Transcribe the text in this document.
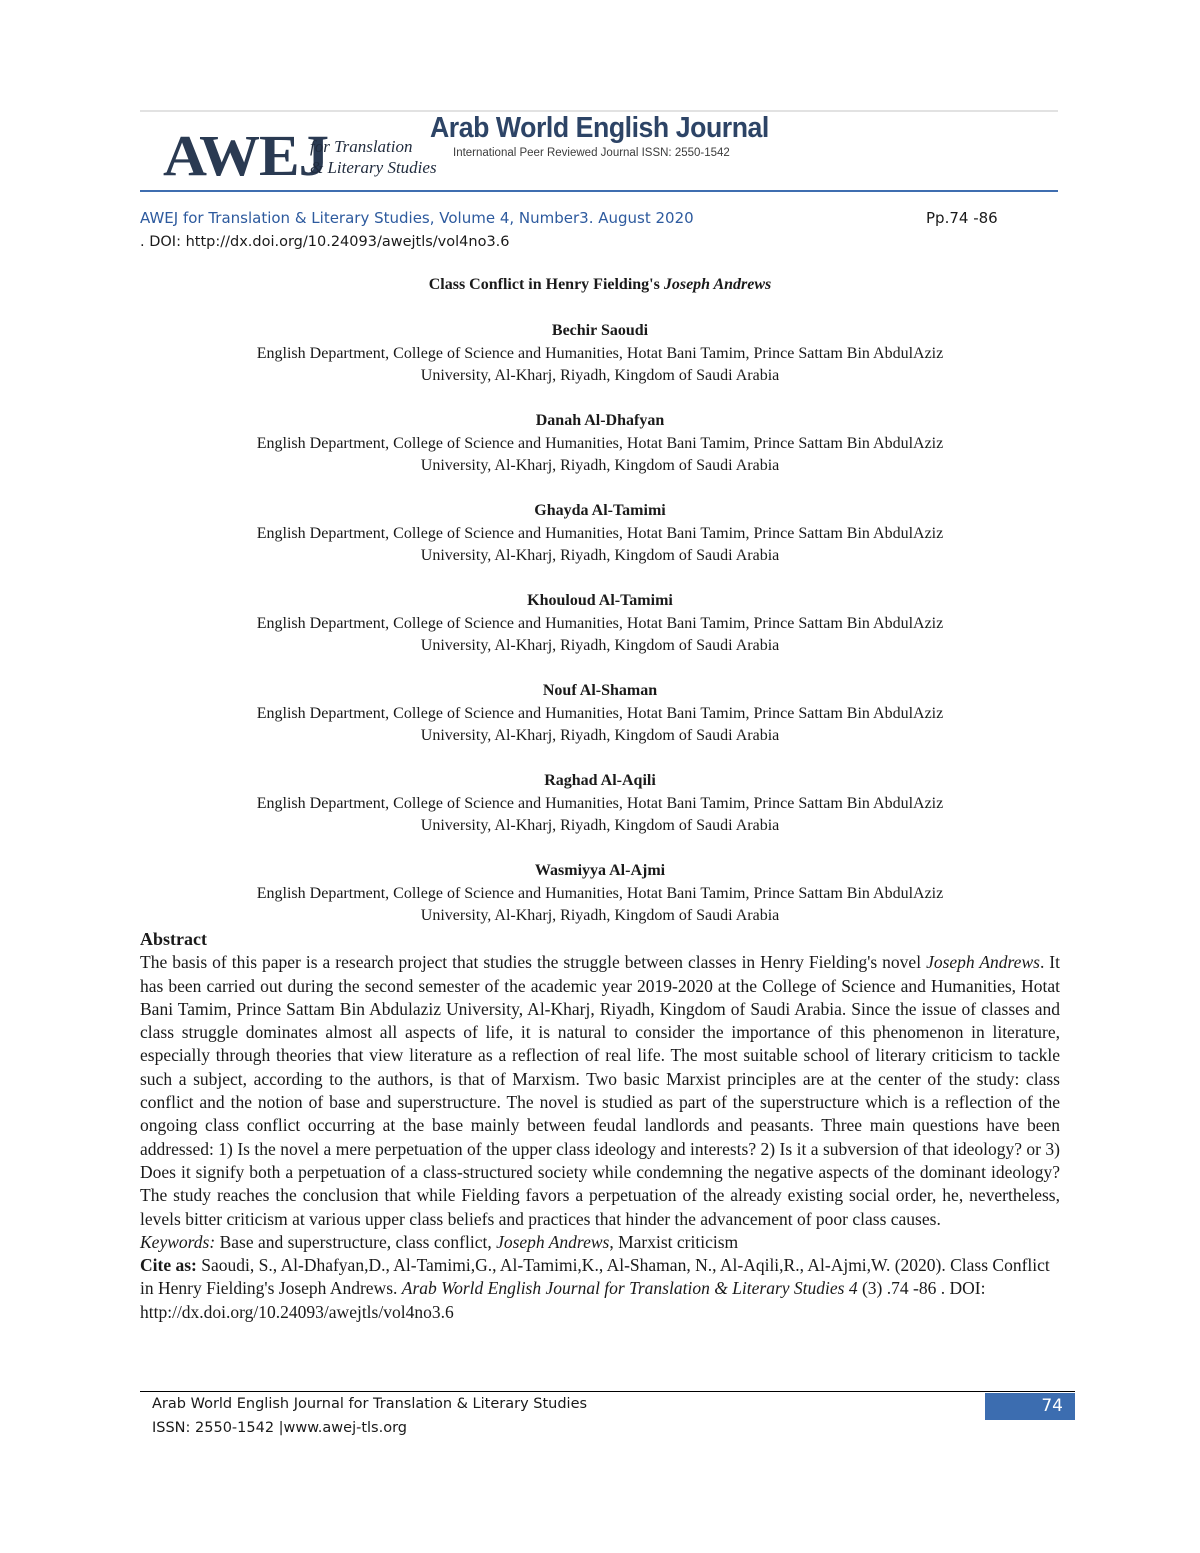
AWEJ
for Translation
& Literary Studies
Arab World English Journal
International Peer Reviewed Journal ISSN: 2550-1542
AWEJ for Translation & Literary Studies, Volume 4, Number3. August 2020	Pp.74 -86
. DOI: http://dx.doi.org/10.24093/awejtls/vol4no3.6
Class Conflict in Henry Fielding's Joseph Andrews
Bechir Saoudi
English Department, College of Science and Humanities, Hotat Bani Tamim, Prince Sattam Bin AbdulAziz
University, Al-Kharj, Riyadh, Kingdom of Saudi Arabia
Danah Al-Dhafyan
English Department, College of Science and Humanities, Hotat Bani Tamim, Prince Sattam Bin AbdulAziz
University, Al-Kharj, Riyadh, Kingdom of Saudi Arabia
Ghayda Al-Tamimi
English Department, College of Science and Humanities, Hotat Bani Tamim, Prince Sattam Bin AbdulAziz
University, Al-Kharj, Riyadh, Kingdom of Saudi Arabia
Khouloud Al-Tamimi
English Department, College of Science and Humanities, Hotat Bani Tamim, Prince Sattam Bin AbdulAziz
University, Al-Kharj, Riyadh, Kingdom of Saudi Arabia
Nouf Al-Shaman
English Department, College of Science and Humanities, Hotat Bani Tamim, Prince Sattam Bin AbdulAziz
University, Al-Kharj, Riyadh, Kingdom of Saudi Arabia
Raghad Al-Aqili
English Department, College of Science and Humanities, Hotat Bani Tamim, Prince Sattam Bin AbdulAziz
University, Al-Kharj, Riyadh, Kingdom of Saudi Arabia
Wasmiyya Al-Ajmi
English Department, College of Science and Humanities, Hotat Bani Tamim, Prince Sattam Bin AbdulAziz
University, Al-Kharj, Riyadh, Kingdom of Saudi Arabia
Abstract
The basis of this paper is a research project that studies the struggle between classes in Henry Fielding's novel Joseph Andrews. It has been carried out during the second semester of the academic year 2019-2020 at the College of Science and Humanities, Hotat Bani Tamim, Prince Sattam Bin Abdulaziz University, Al-Kharj, Riyadh, Kingdom of Saudi Arabia. Since the issue of classes and class struggle dominates almost all aspects of life, it is natural to consider the importance of this phenomenon in literature, especially through theories that view literature as a reflection of real life. The most suitable school of literary criticism to tackle such a subject, according to the authors, is that of Marxism. Two basic Marxist principles are at the center of the study: class conflict and the notion of base and superstructure. The novel is studied as part of the superstructure which is a reflection of the ongoing class conflict occurring at the base mainly between feudal landlords and peasants. Three main questions have been addressed: 1) Is the novel a mere perpetuation of the upper class ideology and interests? 2) Is it a subversion of that ideology? or 3) Does it signify both a perpetuation of a class-structured society while condemning the negative aspects of the dominant ideology? The study reaches the conclusion that while Fielding favors a perpetuation of the already existing social order, he, nevertheless, levels bitter criticism at various upper class beliefs and practices that hinder the advancement of poor class causes.
Keywords: Base and superstructure, class conflict, Joseph Andrews, Marxist criticism
Cite as: Saoudi, S., Al-Dhafyan,D., Al-Tamimi,G., Al-Tamimi,K., Al-Shaman, N., Al-Aqili,R., Al-Ajmi,W. (2020). Class Conflict in Henry Fielding's Joseph Andrews. Arab World English Journal for Translation & Literary Studies 4 (3) .74 -86 . DOI: http://dx.doi.org/10.24093/awejtls/vol4no3.6
Arab World English Journal for Translation & Literary Studies
ISSN: 2550-1542 |www.awej-tls.org
74
